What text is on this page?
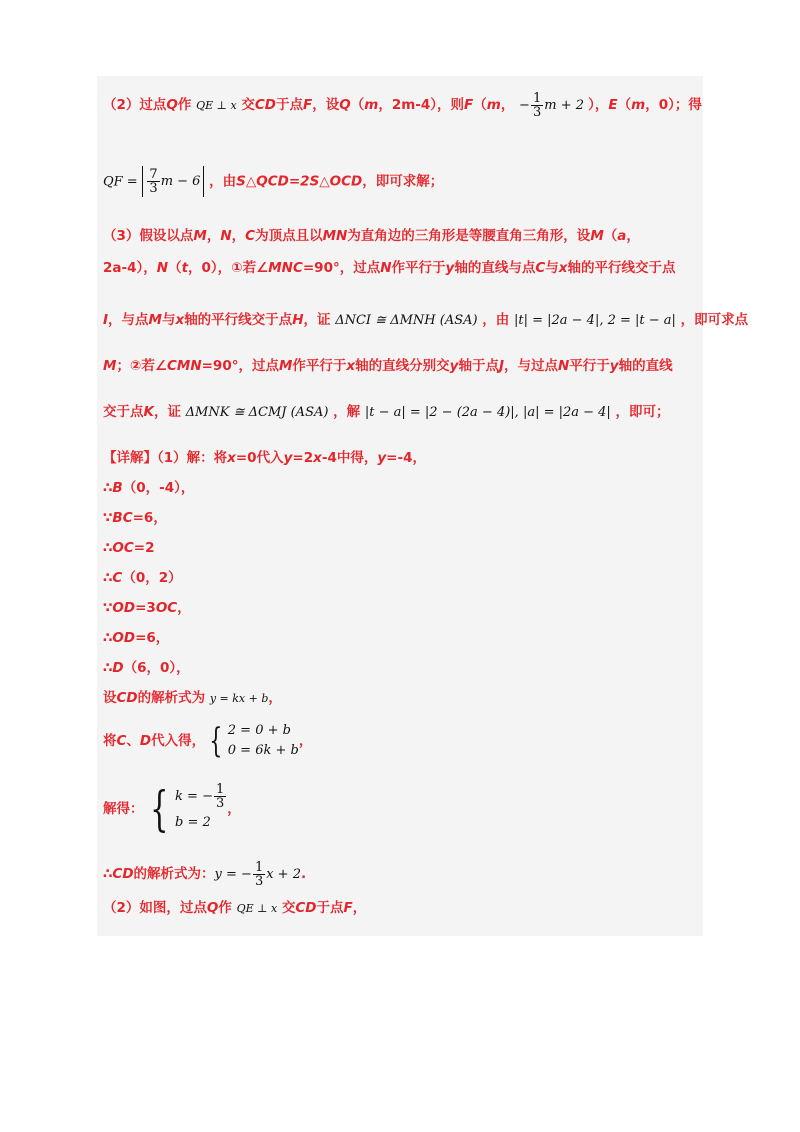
（2）过点Q作 QE ⊥ x 交CD于点F，设Q（m，2m-4），则F（m， − $\frac{1}{3}$ m + 2 ），E（m，0）；得
QF = $\frac{7}{3}$ m − 6 ，由S△QCD=2S△OCD，即可求解；
（3）假设以点M，N，C为顶点且以MN为直角边的三角形是等腰直角三角形，设M（a，
2a-4），N（t，0），①若∠MNC=90°，过点N作平行于y轴的直线与点C与x轴的平行线交于点
I，与点M与x轴的平行线交于点H，证 ΔNCI ≅ ΔMNH (ASA) ，由 |t| = |2a − 4|, 2 = |t − a| ，即可求点
M；②若∠CMN=90°，过点M作平行于x轴的直线分别交y轴于点J，与过点N平行于y轴的直线
交于点K，证 ΔMNK ≅ ΔCMJ (ASA) ，解 |t − a| = |2 − (2a − 4)|, |a| = |2a − 4| ，即可；
【详解】（1）解：将x=0代入y=2x-4中得，y=-4，
∴B（0，-4），
∵BC=6，
∴OC=2
∴C（0，2）
∵OD=3OC，
∴OD=6，
∴D（6，0），
设CD的解析式为 y = kx + b，
将 C 、 D 代入得， { 2 = 0 + b
0 = 6k + b
，
解得： { k = − $\frac{1}{3}$
b = 2
，
∴ CD 的解析式为： y = − $\frac{1}{3}$ x + 2 .
（2）如图，过点Q作 QE ⊥ x 交CD于点F，
